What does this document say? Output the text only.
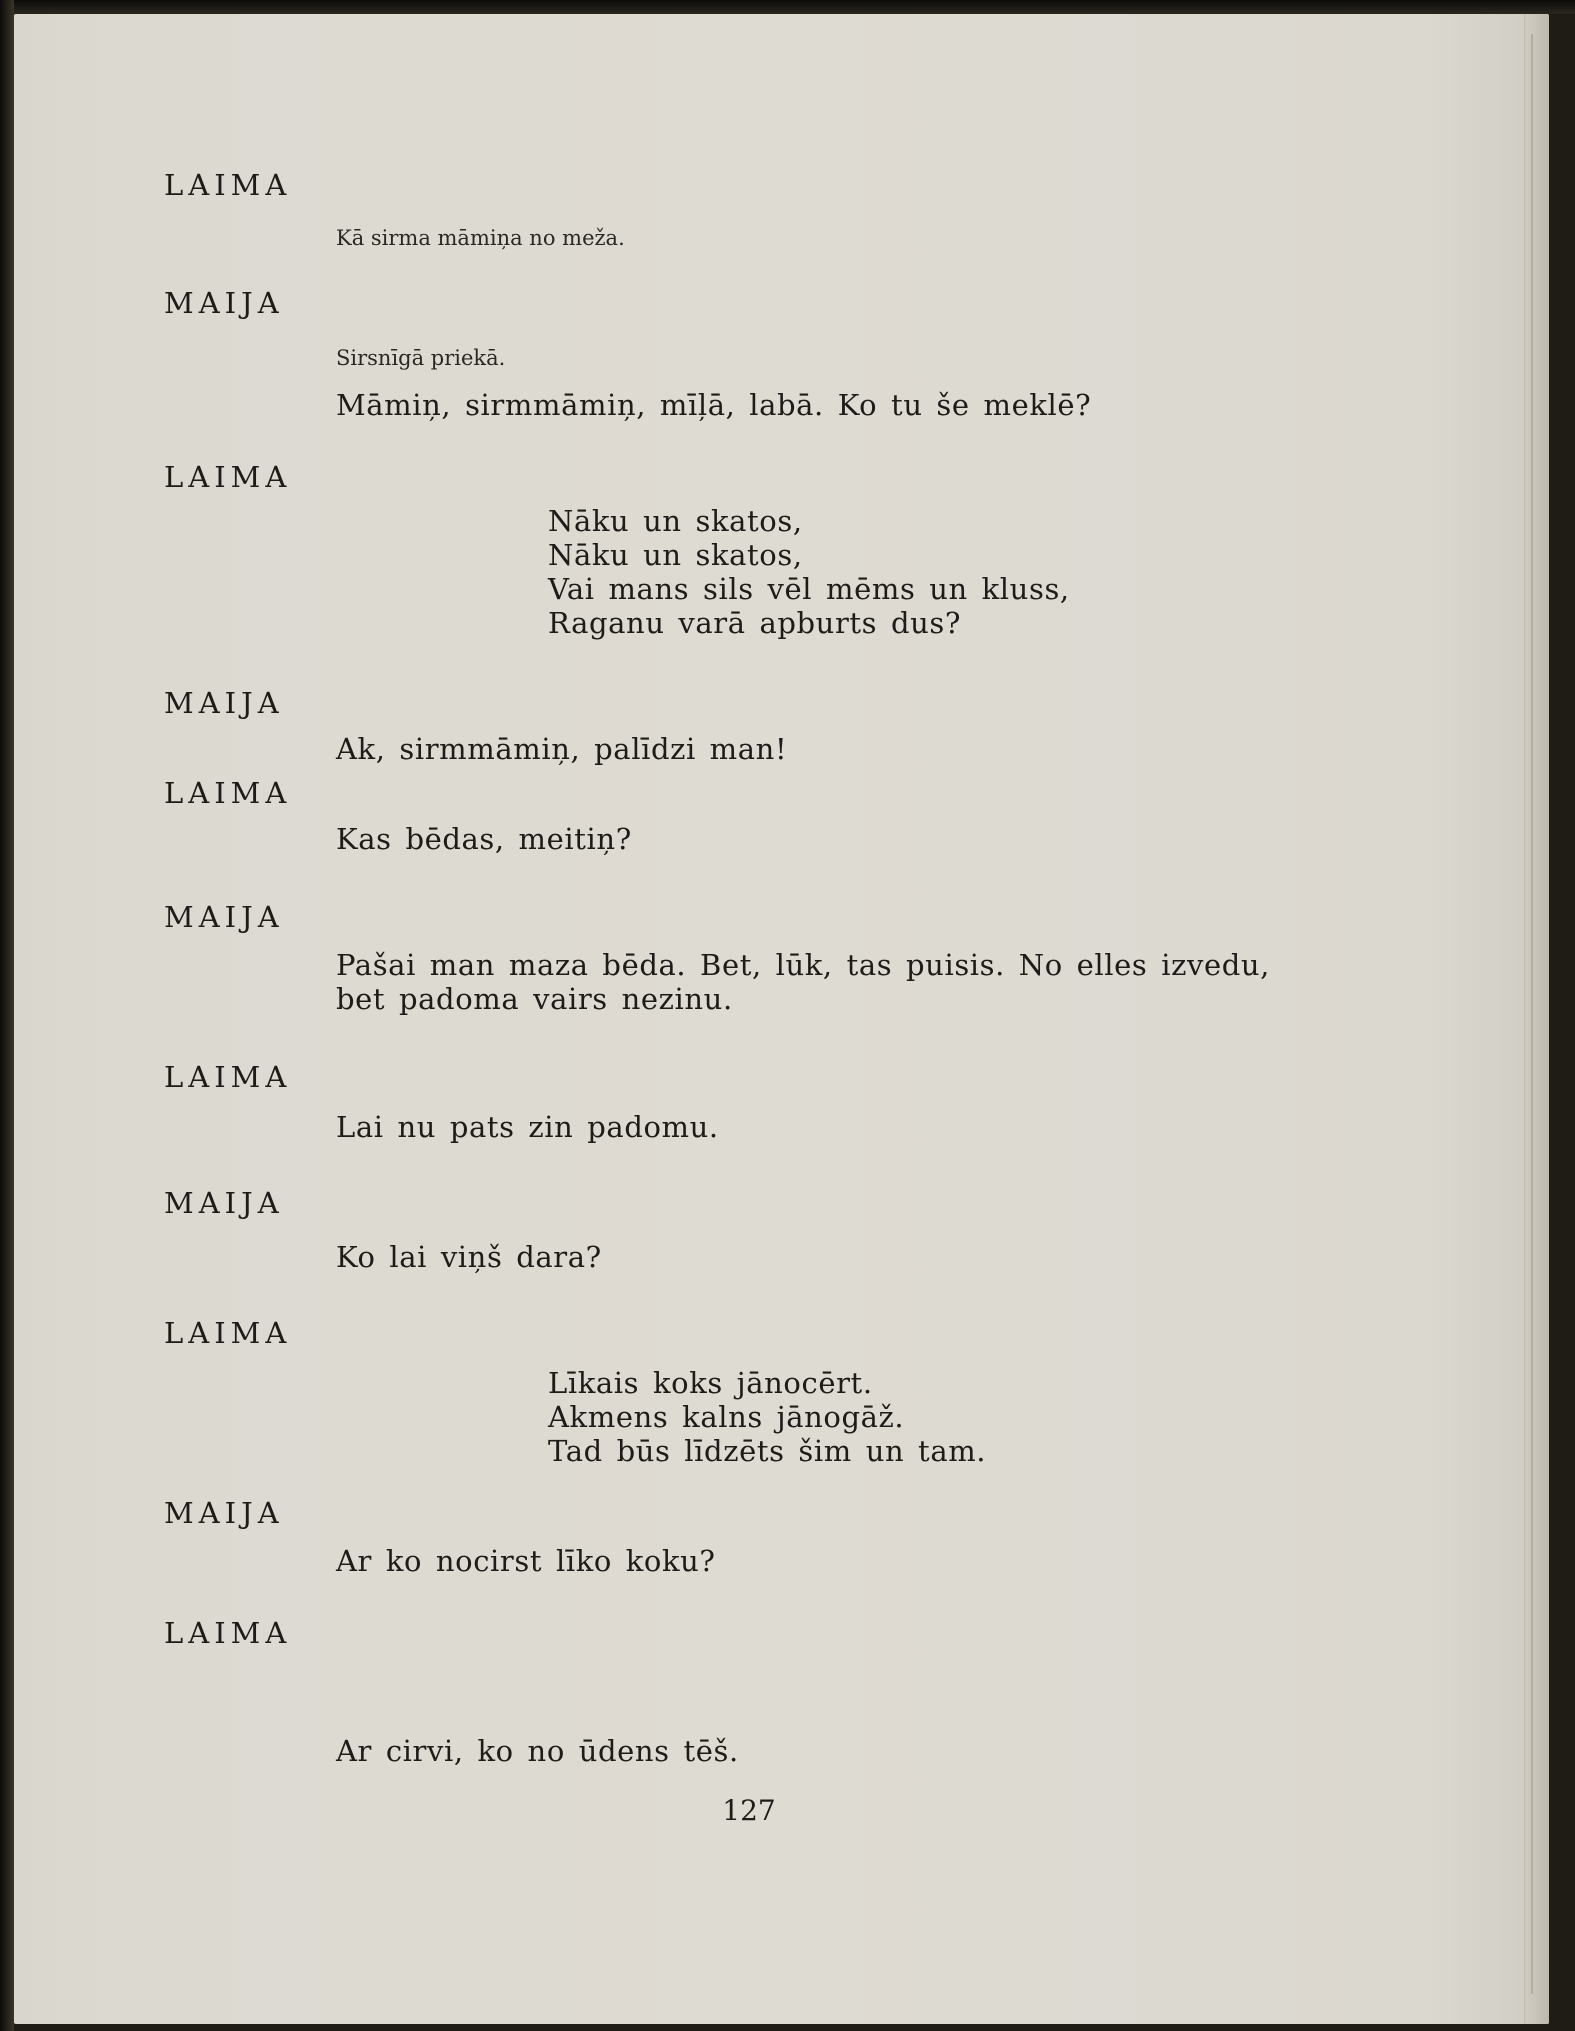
LAIMA
Kā sirma māmiņa no meža.
MAIJA
Sirsnīgā priekā.
Māmiņ, sirmmāmiņ, mīļā, labā. Ko tu še meklē?
LAIMA
Nāku un skatos,
Nāku un skatos,
Vai mans sils vēl mēms un kluss,
Raganu varā apburts dus?
MAIJA
Ak, sirmmāmiņ, palīdzi man!
LAIMA
Kas bēdas, meitiņ?
MAIJA
Pašai man maza bēda. Bet, lūk, tas puisis. No elles izvedu,
bet padoma vairs nezinu.
LAIMA
Lai nu pats zin padomu.
MAIJA
Ko lai viņš dara?
LAIMA
Līkais koks jānocērt.
Akmens kalns jānogāž.
Tad būs līdzēts šim un tam.
MAIJA
Ar ko nocirst līko koku?
LAIMA
Ar cirvi, ko no ūdens tēš.
127
